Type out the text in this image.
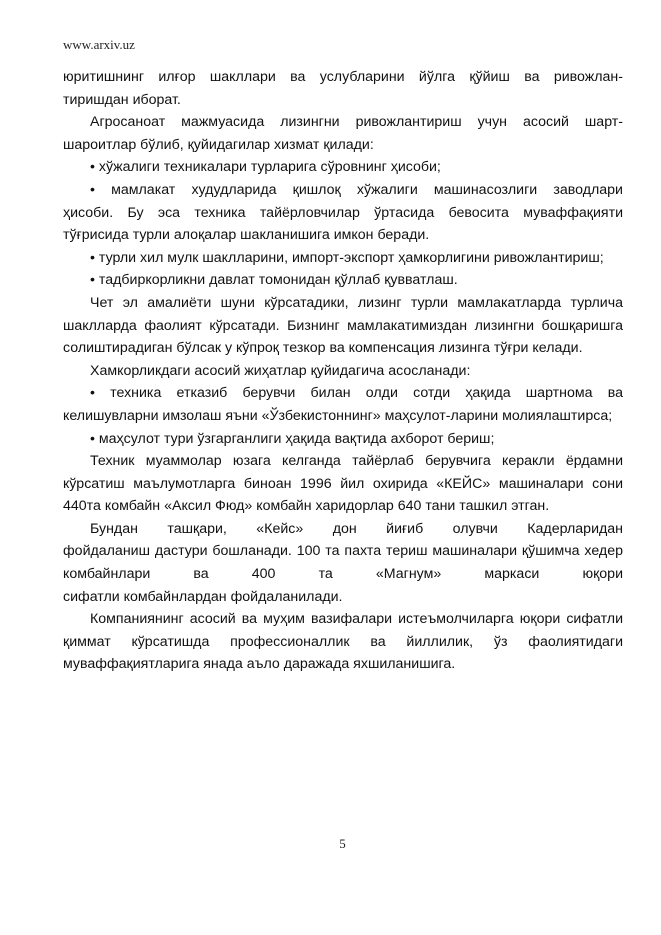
www.arxiv.uz

юритишнинг илғор шакллари ва услубларини йўлга қўйиш ва ривожлан-
тиришдан иборат.

Агросаноат мажмуасида лизингни ривожлантириш учун асосий шарт-
шароитлар бўлиб, қуйидагилар хизмат қилади:

• хўжалиги техникалари турларига сўровнинг ҳисоби;

• мамлакат худудларида қишлоқ хўжалиги машинасозлиги заводлари
ҳисоби. Бу эса техника тайёрловчилар ўртасида бевосита муваффақияти
тўғрисида турли алоқалар шакланишига имкон беради.

• турли хил мулк шаклларини, импорт-экспорт ҳамкорлигини ривожлантириш;

• тадбиркорликни давлат томонидан қўллаб қувватлаш.

Чет эл амалиёти шуни кўрсатадики, лизинг турли мамлакатларда турлича
шаклларда фаолият кўрсатади. Бизнинг мамлакатимиздан лизингни бошқаришга
солиштирадиган бўлсак у кўпроқ тезкор ва компенсация лизинга тўғри келади.

Хамкорликдаги асосий жиҳатлар қуйидагича асосланади:

• техника етказиб берувчи билан олди сотди ҳақида шартнома ва
келишувларни имзолаш яъни «Ўзбекистоннинг» маҳсулот-ларини молиялаштирса;

• маҳсулот тури ўзгарганлиги ҳақида вақтида ахборот бериш;

Техник муаммолар юзага келганда тайёрлаб берувчига керакли ёрдамни
кўрсатиш маълумотларга биноан 1996 йил охирида «КЕЙС» машиналари сони
440та комбайн «Аксил Фюд» комбайн харидорлар 640 тани ташкил этган.

Бундан ташқари, «Кейс» дон йиғиб олувчи Кадерларидан
фойдаланиш дастури бошланади. 100 та пахта териш машиналари қўшимча хедер
комбайнлари ва 400 та «Магнум» маркаси юқори
сифатли комбайнлардан фойдаланилади.

Компаниянинг асосий ва муҳим вазифалари истеъмолчиларга юқори сифатли
қиммат кўрсатишда профессионаллик ва йиллилик, ўз фаолиятидаги
муваффақиятларига янада аъло даражада яхшиланишига.

5
